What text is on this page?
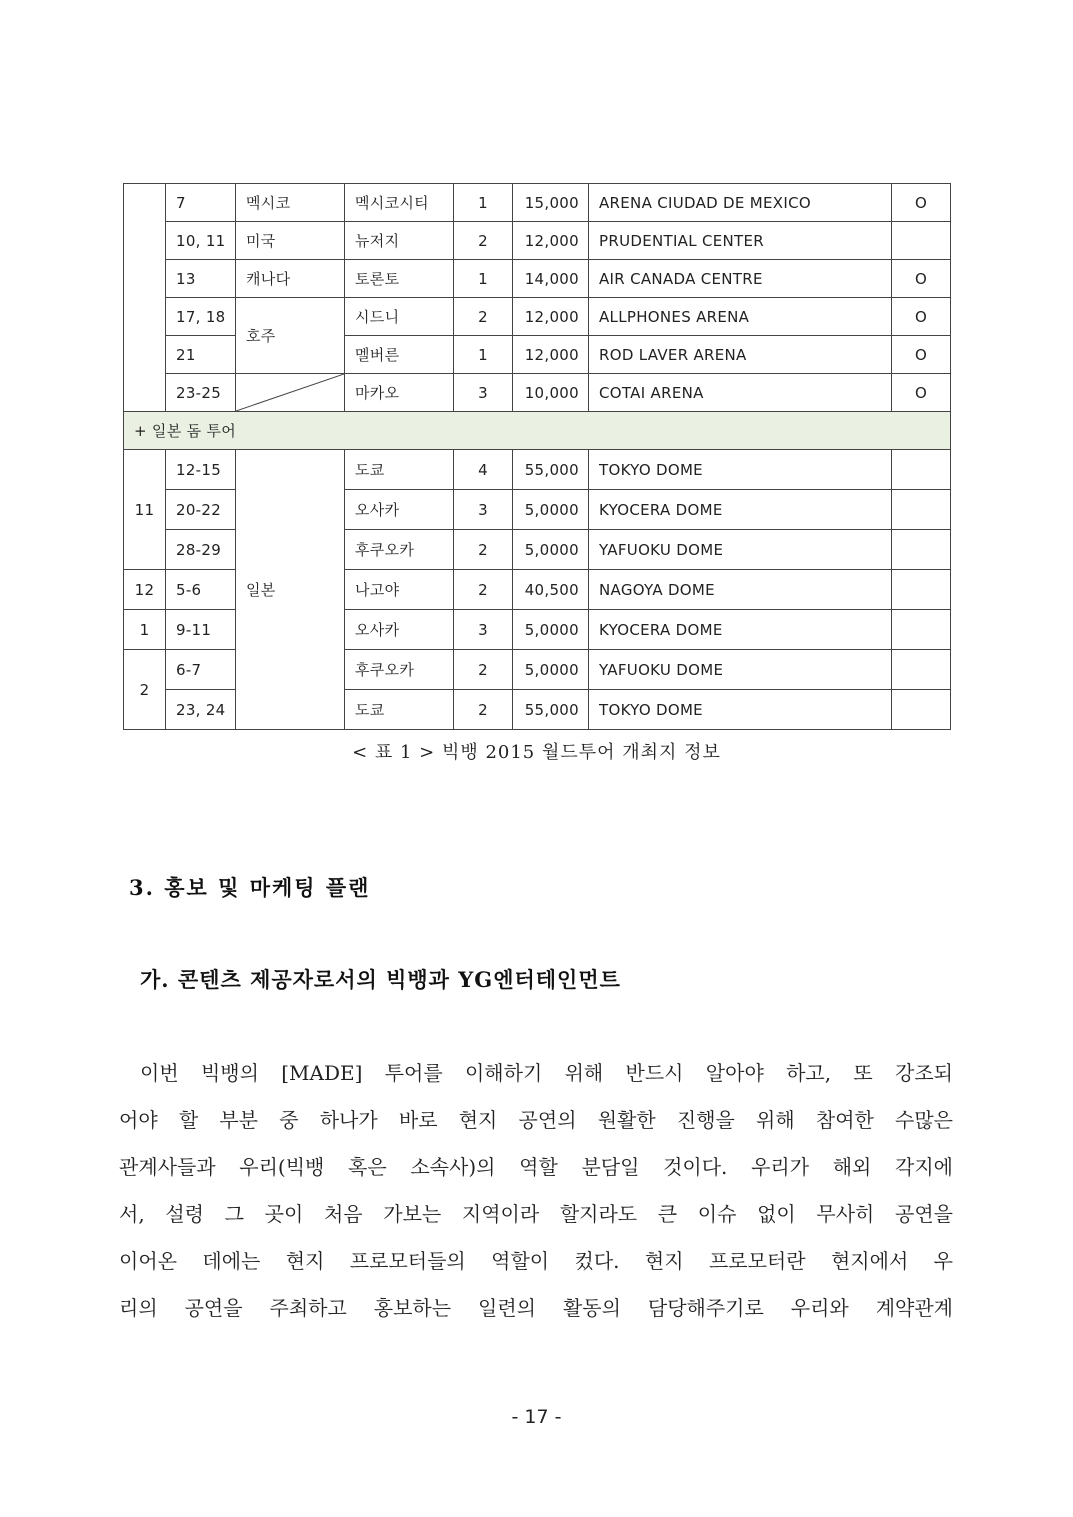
	7	멕시코	멕시코시티	1	15,000	ARENA CIUDAD DE MEXICO	O
	10, 11	미국	뉴저지	2	12,000	PRUDENTIAL CENTER	
	13	캐나다	토론토	1	14,000	AIR CANADA CENTRE	O
	17, 18	호주	시드니	2	12,000	ALLPHONES ARENA	O
	21		멜버른	1	12,000	ROD LAVER ARENA	O
	23-25		마카오	3	10,000	COTAI ARENA	O
+ 일본 돔 투어							
11	12-15	일본	도쿄	4	55,000	TOKYO DOME	
	20-22		오사카	3	5,0000	KYOCERA DOME	
	28-29		후쿠오카	2	5,0000	YAFUOKU DOME	
12	5-6		나고야	2	40,500	NAGOYA DOME	
1	9-11		오사카	3	5,0000	KYOCERA DOME	
2	6-7		후쿠오카	2	5,0000	YAFUOKU DOME	
	23, 24		도쿄	2	55,000	TOKYO DOME	
< 표 1 > 빅뱅 2015 월드투어 개최지 정보
3. 홍보 및 마케팅 플랜
가. 콘텐츠 제공자로서의 빅뱅과 YG엔터테인먼트
이번 빅뱅의 [MADE] 투어를 이해하기 위해 반드시 알아야 하고, 또 강조되
어야 할 부분 중 하나가 바로 현지 공연의 원활한 진행을 위해 참여한 수많은
관계사들과 우리(빅뱅 혹은 소속사)의 역할 분담일 것이다. 우리가 해외 각지에
서, 설령 그 곳이 처음 가보는 지역이라 할지라도 큰 이슈 없이 무사히 공연을
이어온 데에는 현지 프로모터들의 역할이 컸다. 현지 프로모터란 현지에서 우
리의 공연을 주최하고 홍보하는 일련의 활동의 담당해주기로 우리와 계약관계
- 17 -
